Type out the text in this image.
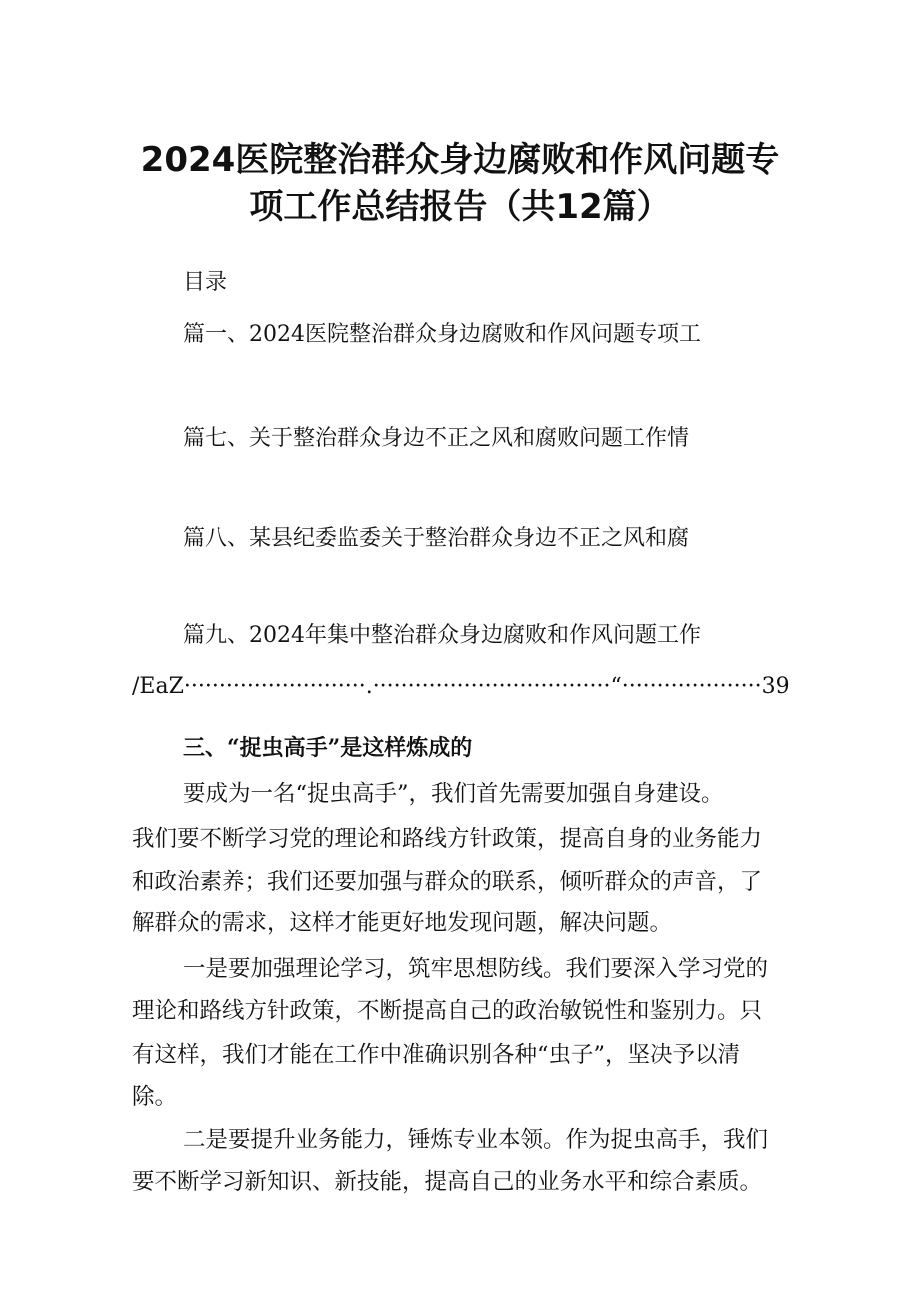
2024医院整治群众身边腐败和作风问题专
项工作总结报告（共12篇）
目录
篇一、2024医院整治群众身边腐败和作风问题专项工
篇七、关于整治群众身边不正之风和腐败问题工作情
篇八、某县纪委监委关于整治群众身边不正之风和腐
篇九、2024年集中整治群众身边腐败和作风问题工作
/EaZ··························.··································“····················39
三、“捉虫高手”是这样炼成的
要成为一名“捉虫高手”，我们首先需要加强自身建设。
我们要不断学习党的理论和路线方针政策，提高自身的业务能力
和政治素养；我们还要加强与群众的联系，倾听群众的声音，了
解群众的需求，这样才能更好地发现问题，解决问题。
一是要加强理论学习，筑牢思想防线。我们要深入学习党的
理论和路线方针政策，不断提高自己的政治敏锐性和鉴别力。只
有这样，我们才能在工作中准确识别各种“虫子”，坚决予以清
除。
二是要提升业务能力，锤炼专业本领。作为捉虫高手，我们
要不断学习新知识、新技能，提高自己的业务水平和综合素质。
